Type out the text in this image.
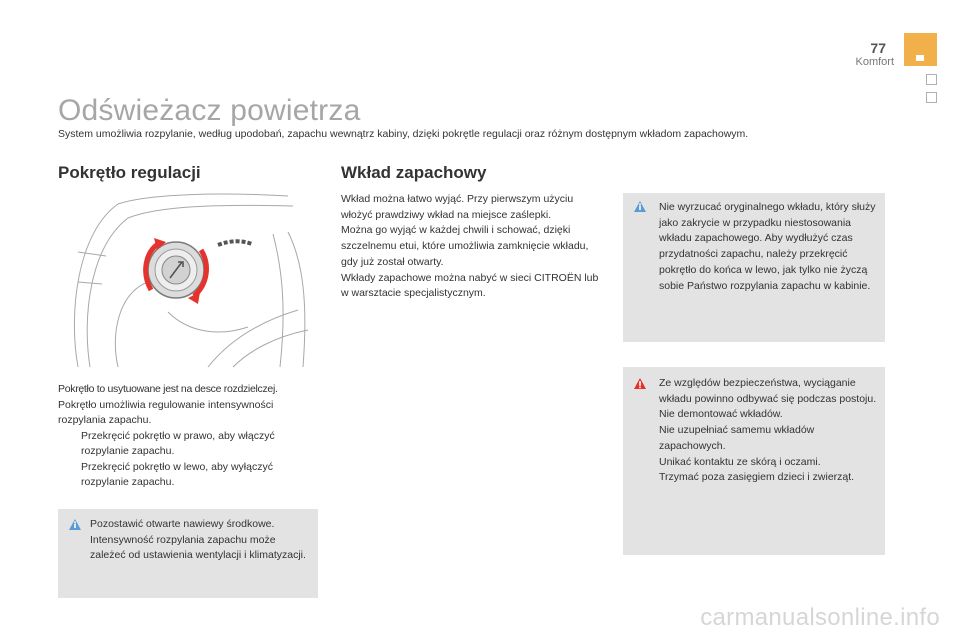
77
Komfort
Odświeżacz powietrza

System umożliwia rozpylanie, według upodobań, zapachu wewnątrz kabiny, dzięki pokrętle regulacji oraz różnym dostępnym wkładom zapachowym.

Pokrętło regulacji
Pokrętło to usytuowane jest na desce rozdzielczej.
Pokrętło umożliwia regulowanie intensywności rozpylania zapachu.
Przekręcić pokrętło w prawo, aby włączyć rozpylanie zapachu.
Przekręcić pokrętło w lewo, aby wyłączyć rozpylanie zapachu.
Pozostawić otwarte nawiewy środkowe. Intensywność rozpylania zapachu może zależeć od ustawienia wentylacji i klimatyzacji.
Wkład zapachowy
Wkład można łatwo wyjąć. Przy pierwszym użyciu włożyć prawdziwy wkład na miejsce zaślepki.
Można go wyjąć w każdej chwili i schować, dzięki szczelnemu etui, które umożliwia zamknięcie wkładu, gdy już został otwarty.
Wkłady zapachowe można nabyć w sieci CITROËN lub w warsztacie specjalistycznym.
Nie wyrzucać oryginalnego wkładu, który służy jako zakrycie w przypadku niestosowania wkładu zapachowego. Aby wydłużyć czas przydatności zapachu, należy przekręcić pokrętło do końca w lewo, jak tylko nie życzą sobie Państwo rozpylania zapachu w kabinie.
Ze względów bezpieczeństwa, wyciąganie wkładu powinno odbywać się podczas postoju.
Nie demontować wkładów.
Nie uzupełniać samemu wkładów zapachowych.
Unikać kontaktu ze skórą i oczami.
Trzymać poza zasięgiem dzieci i zwierząt.
carmanualsonline.info
